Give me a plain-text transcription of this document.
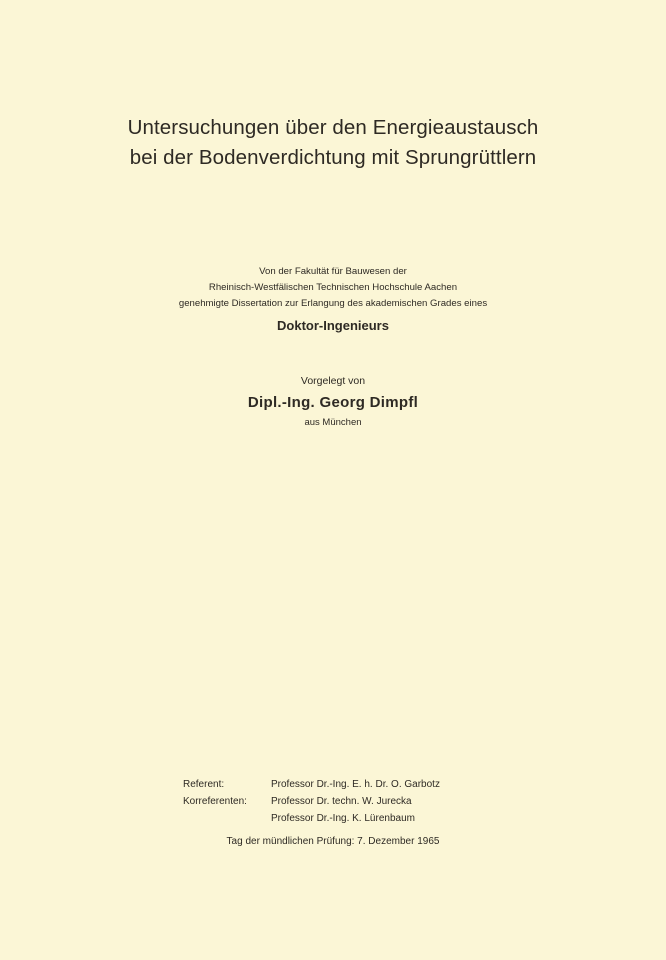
Untersuchungen über den Energieaustausch
bei der Bodenverdichtung mit Sprungrüttlern
Von der Fakultät für Bauwesen der
Rheinisch-Westfälischen Technischen Hochschule Aachen
genehmigte Dissertation zur Erlangung des akademischen Grades eines
Doktor-Ingenieurs
Vorgelegt von
Dipl.-Ing. Georg Dimpfl
aus München
Referent:	Professor Dr.-Ing. E. h. Dr. O. Garbotz
Korreferenten:	Professor Dr. techn. W. Jurecka
Professor Dr.-Ing. K. Lürenbaum
Tag der mündlichen Prüfung: 7. Dezember 1965
